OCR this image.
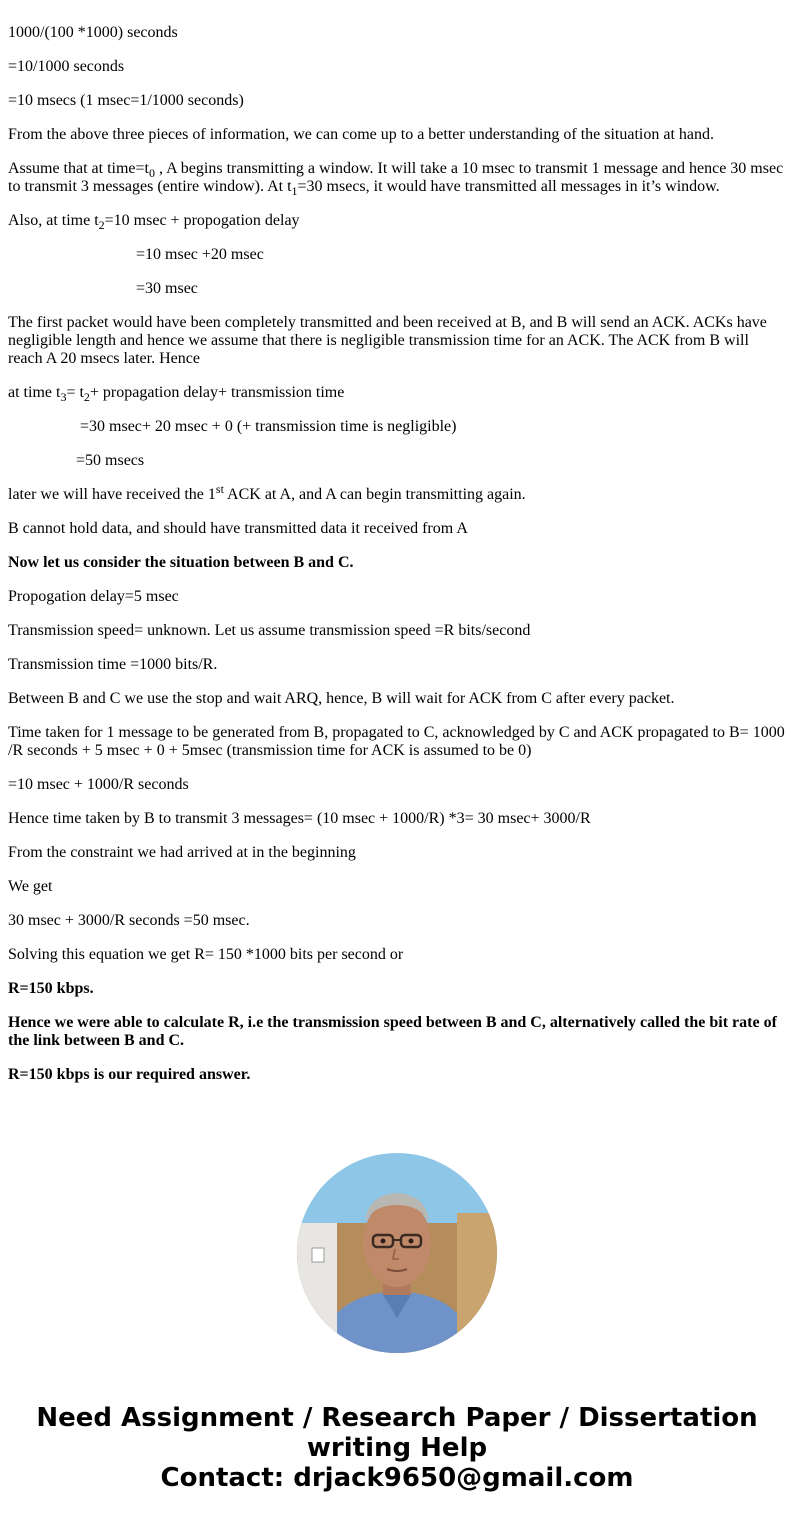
1000/(100 *1000) seconds

=10/1000 seconds

=10 msecs (1 msec=1/1000 seconds)

From the above three pieces of information, we can come up to a better understanding of the situation at hand.

Assume that at $time=t_0$ , A begins transmitting a window. It will take a 10 msec to transmit 1 message and hence 30 msec to transmit 3 messages (entire window). At $t_1=30$ msecs, it would have transmitted all messages in it’s window.

Also, at time $t_2=10$ msec + propogation delay

=10 msec +20 msec

=30 msec

The first packet would have been completely transmitted and been received at B, and B will send an ACK. ACKs have negligible length and hence we assume that there is negligible transmission time for an ACK. The ACK from B will reach A 20 msecs later. Hence

at time $t_3= t_2+$ propagation delay+ transmission time

=30 msec+ 20 msec + 0 (+ transmission time is negligible)

=50 msecs

later we will have received the 1st ACK at A, and A can begin transmitting again.

B cannot hold data, and should have transmitted data it received from A

Now let us consider the situation between B and C.

Propogation delay=5 msec

Transmission speed= unknown. Let us assume transmission speed =R bits/second

Transmission time =1000 bits/R.

Between B and C we use the stop and wait ARQ, hence, B will wait for ACK from C after every packet.

Time taken for 1 message to be generated from B, propagated to C, acknowledged by C and ACK propagated to B= 1000 /R seconds + 5 msec + 0 + 5msec (transmission time for ACK is assumed to be 0)

=10 msec + 1000/R seconds

Hence time taken by B to transmit 3 messages= (10 msec + 1000/R) *3= 30 msec+ 3000/R

From the constraint we had arrived at in the beginning

We get

30 msec + 3000/R seconds =50 msec.

Solving this equation we get R= 150 *1000 bits per second or

R=150 kbps.

Hence we were able to calculate R, i.e the transmission speed between B and C, alternatively called the bit rate of the link between B and C.

R=150 kbps is our required answer.

Need Assignment / Research Paper / Dissertation writing Help
Contact: drjack9650@gmail.com
